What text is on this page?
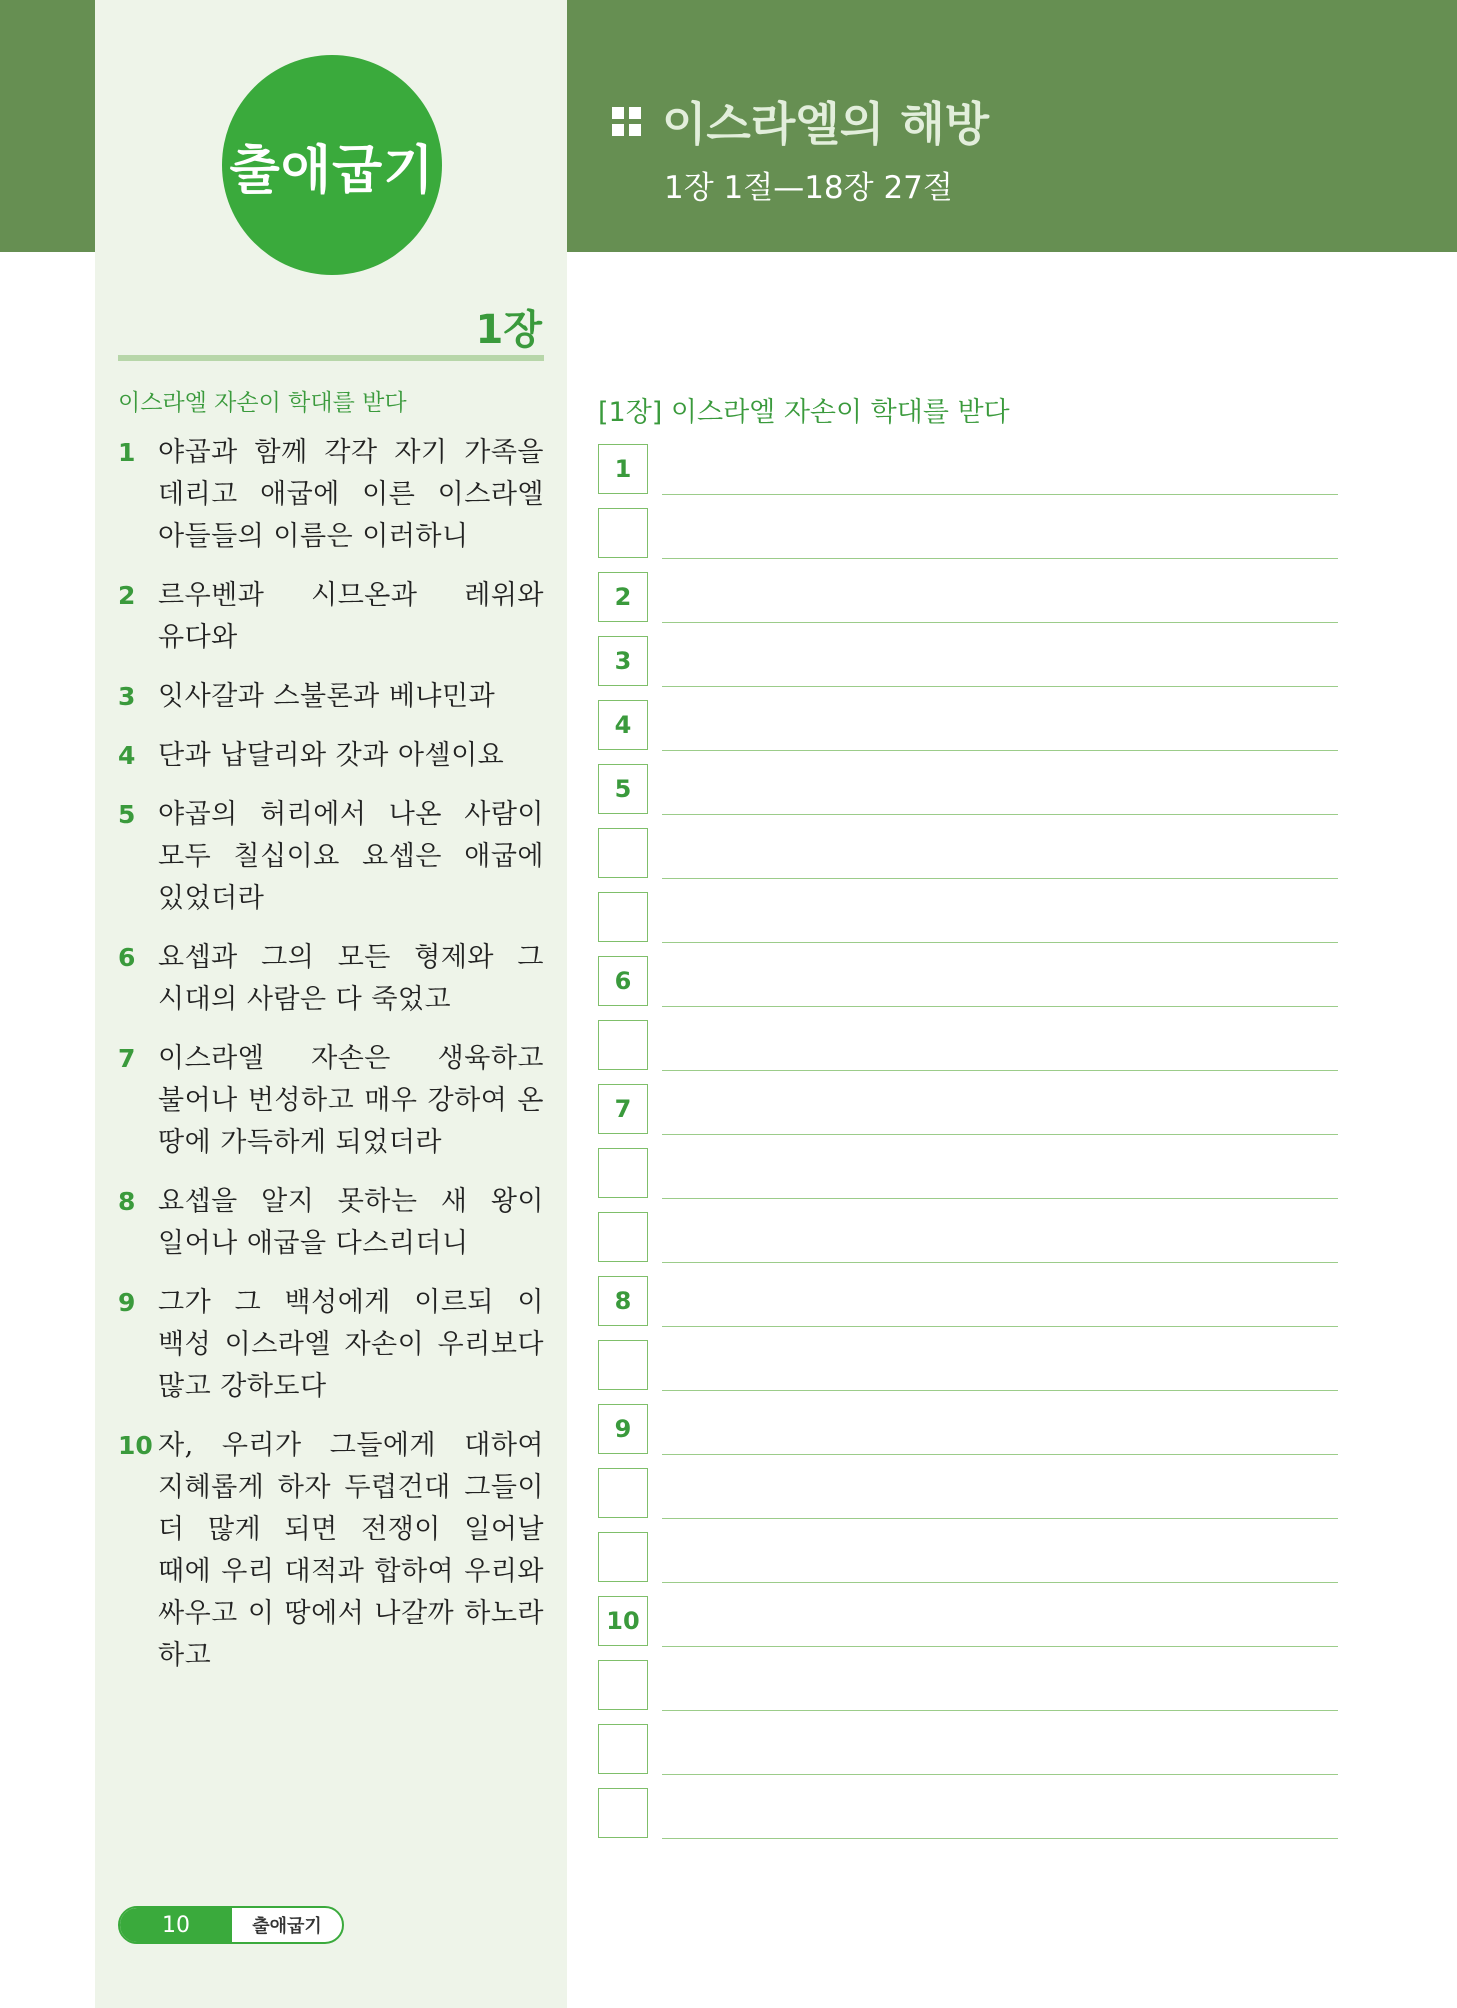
출애굽기
이스라엘의 해방
1장 1절—18장 27절
1장
이스라엘 자손이 학대를 받다
1 야곱과 함께 각각 자기 가족을 데리고 애굽에 이른 이스라엘 아들들의 이름은 이러하니
2 르우벤과 시므온과 레위와 유다와
3 잇사갈과 스불론과 베냐민과
4 단과 납달리와 갓과 아셀이요
5 야곱의 허리에서 나온 사람이 모두 칠십이요 요셉은 애굽에 있었더라
6 요셉과 그의 모든 형제와 그 시대의 사람은 다 죽었고
7 이스라엘 자손은 생육하고 불어나 번성하고 매우 강하여 온 땅에 가득하게 되었더라
8 요셉을 알지 못하는 새 왕이 일어나 애굽을 다스리더니
9 그가 그 백성에게 이르되 이 백성 이스라엘 자손이 우리보다 많고 강하도다
10 자, 우리가 그들에게 대하여 지혜롭게 하자 두렵건대 그들이 더 많게 되면 전쟁이 일어날 때에 우리 대적과 합하여 우리와 싸우고 이 땅에서 나갈까 하노라 하고
[1장] 이스라엘 자손이 학대를 받다
1
2
3
4
5
6
7
8
9
10
10	출애굽기
